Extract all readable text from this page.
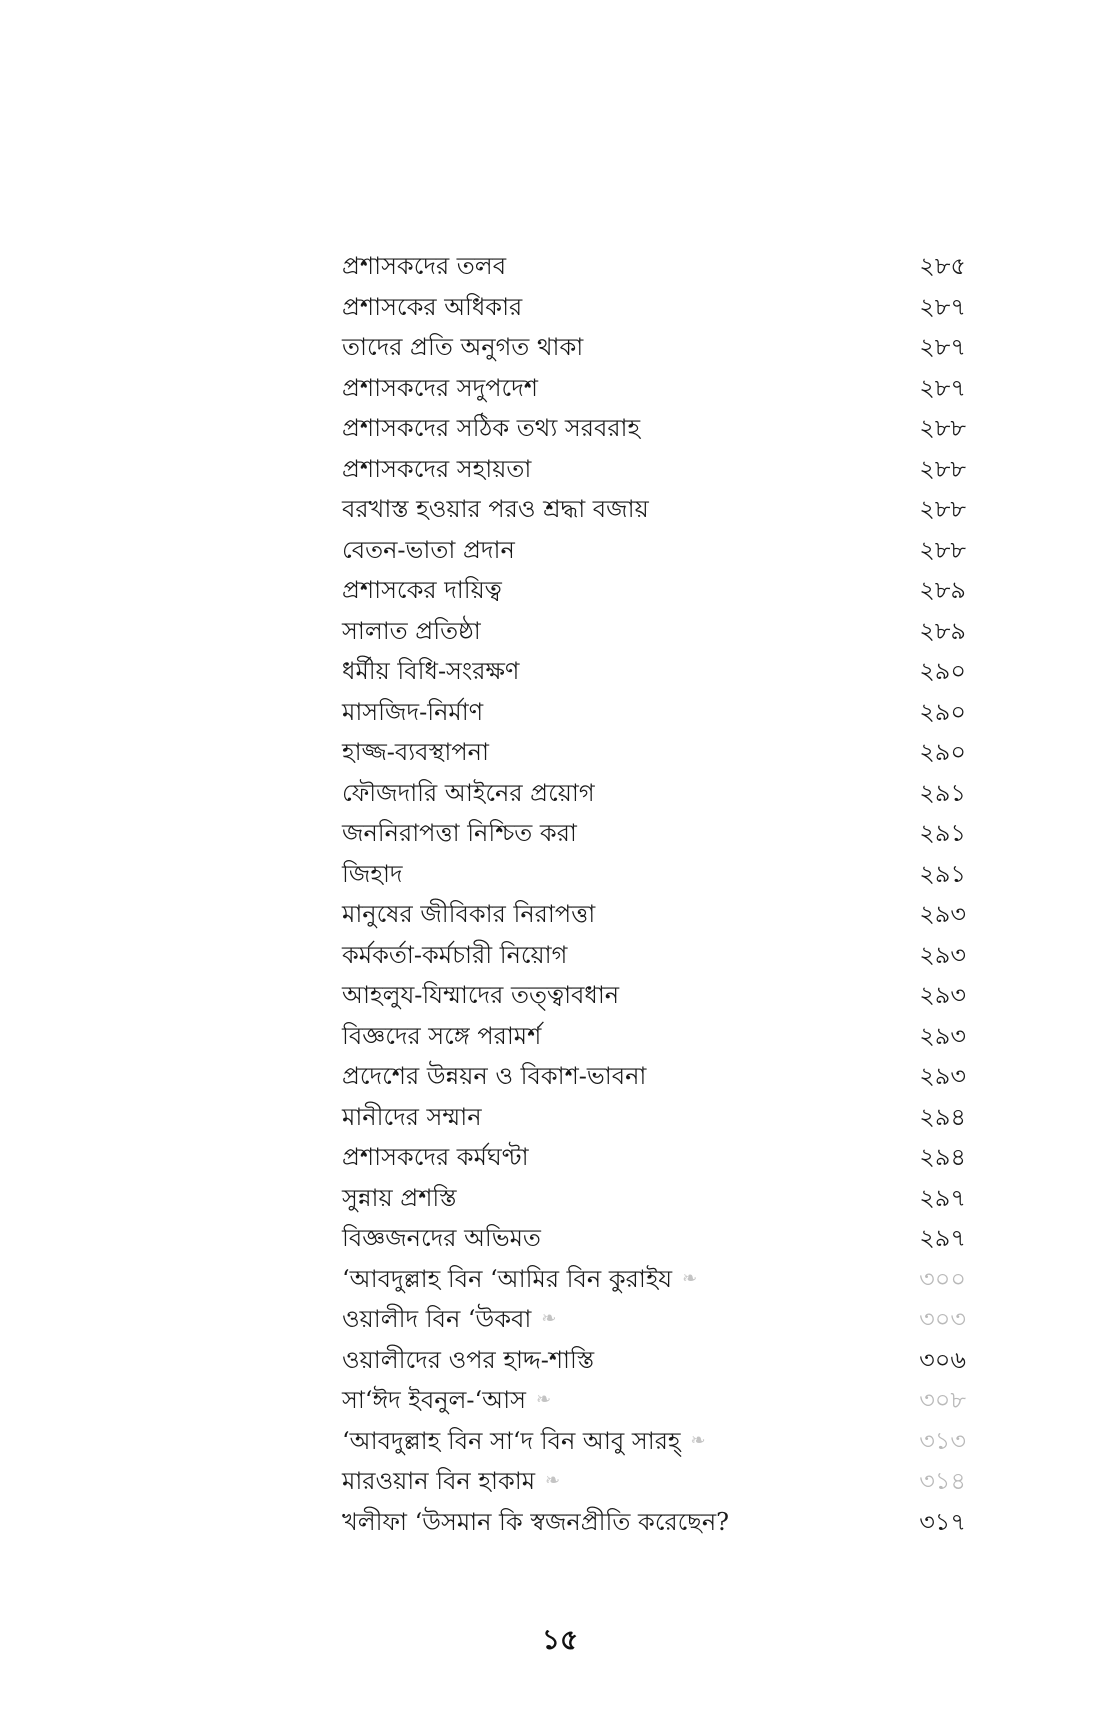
প্রশাসকদের তলব	২৮৫
প্রশাসকের অধিকার	২৮৭
তাদের প্রতি অনুগত থাকা	২৮৭
প্রশাসকদের সদুপদেশ	২৮৭
প্রশাসকদের সঠিক তথ্য সরবরাহ	২৮৮
প্রশাসকদের সহায়তা	২৮৮
বরখাস্ত হওয়ার পরও শ্রদ্ধা বজায়	২৮৮
বেতন-ভাতা প্রদান	২৮৮
প্রশাসকের দায়িত্ব	২৮৯
সালাত প্রতিষ্ঠা	২৮৯
ধর্মীয় বিধি-সংরক্ষণ	২৯০
মাসজিদ-নির্মাণ	২৯০
হাজ্জ-ব্যবস্থাপনা	২৯০
ফৌজদারি আইনের প্রয়োগ	২৯১
জননিরাপত্তা নিশ্চিত করা	২৯১
জিহাদ	২৯১
মানুষের জীবিকার নিরাপত্তা	২৯৩
কর্মকর্তা-কর্মচারী নিয়োগ	২৯৩
আহলুয-যিম্মাদের তত্ত্বাবধান	২৯৩
বিজ্ঞদের সঙ্গে পরামর্শ	২৯৩
প্রদেশের উন্নয়ন ও বিকাশ-ভাবনা	২৯৩
মানীদের সম্মান	২৯৪
প্রশাসকদের কর্মঘণ্টা	২৯৪
সুন্নায় প্রশস্তি	২৯৭
বিজ্ঞজনদের অভিমত	২৯৭
‘আবদুল্লাহ বিন ‘আমির বিন কুরাইয ❧	৩০০
ওয়ালীদ বিন ‘উকবা ❧	৩০৩
ওয়ালীদের ওপর হাদ্দ-শাস্তি	৩০৬
সা‘ঈদ ইবনুল-‘আস ❧	৩০৮
‘আবদুল্লাহ বিন সা‘দ বিন আবু সারহ্ ❧	৩১৩
মারওয়ান বিন হাকাম ❧	৩১৪
খলীফা ‘উসমান কি স্বজনপ্রীতি করেছেন?	৩১৭
১৫
